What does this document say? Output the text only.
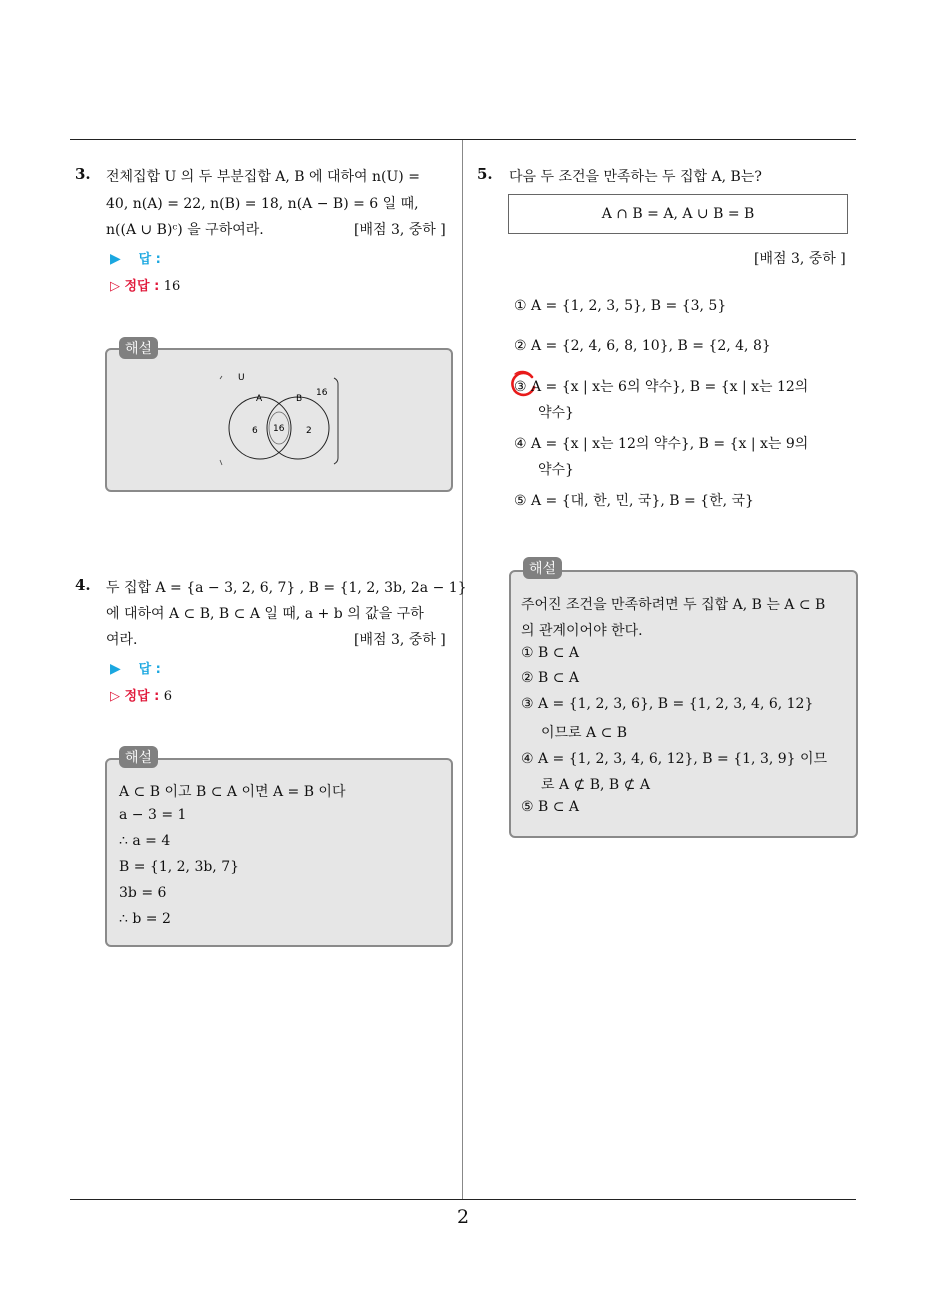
2
3. 전체집합 U 의 두 부분집합 A, B 에 대하여 n(U) =
40, n(A) = 22, n(B) = 18, n(A − B) = 6 일 때,
n((A ∪ B)ᶜ) 을 구하여라.	[배점 3, 중하 ]
▶ 답 :
▷ 정답 : 16
해설
U
A	B
16
6 16 2
4. 두 집합 A = {a − 3, 2, 6, 7} , B = {1, 2, 3b, 2a − 1}
에 대하여 A ⊂ B, B ⊂ A 일 때, a + b 의 값을 구하
여라.	[배점 3, 중하 ]
▶ 답 :
▷ 정답 : 6
해설
A ⊂ B 이고 B ⊂ A 이면 A = B 이다
a − 3 = 1
∴ a = 4
B = {1, 2, 3b, 7}
3b = 6
∴ b = 2
5. 다음 두 조건을 만족하는 두 집합 A, B는?
A ∩ B = A, A ∪ B = B
[배점 3, 중하 ]
① A = {1, 2, 3, 5}, B = {3, 5}
② A = {2, 4, 6, 8, 10}, B = {2, 4, 8}
③ A = {x | x는 6의 약수}, B = {x | x는 12의
약수}
④ A = {x | x는 12의 약수}, B = {x | x는 9의
약수}
⑤ A = {대, 한, 민, 국}, B = {한, 국}
해설
주어진 조건을 만족하려면 두 집합 A, B 는 A ⊂ B
의 관계이어야 한다.
① B ⊂ A
② B ⊂ A
③ A = {1, 2, 3, 6}, B = {1, 2, 3, 4, 6, 12}
이므로 A ⊂ B
④ A = {1, 2, 3, 4, 6, 12}, B = {1, 3, 9} 이므
로 A ⊄ B, B ⊄ A
⑤ B ⊂ A
